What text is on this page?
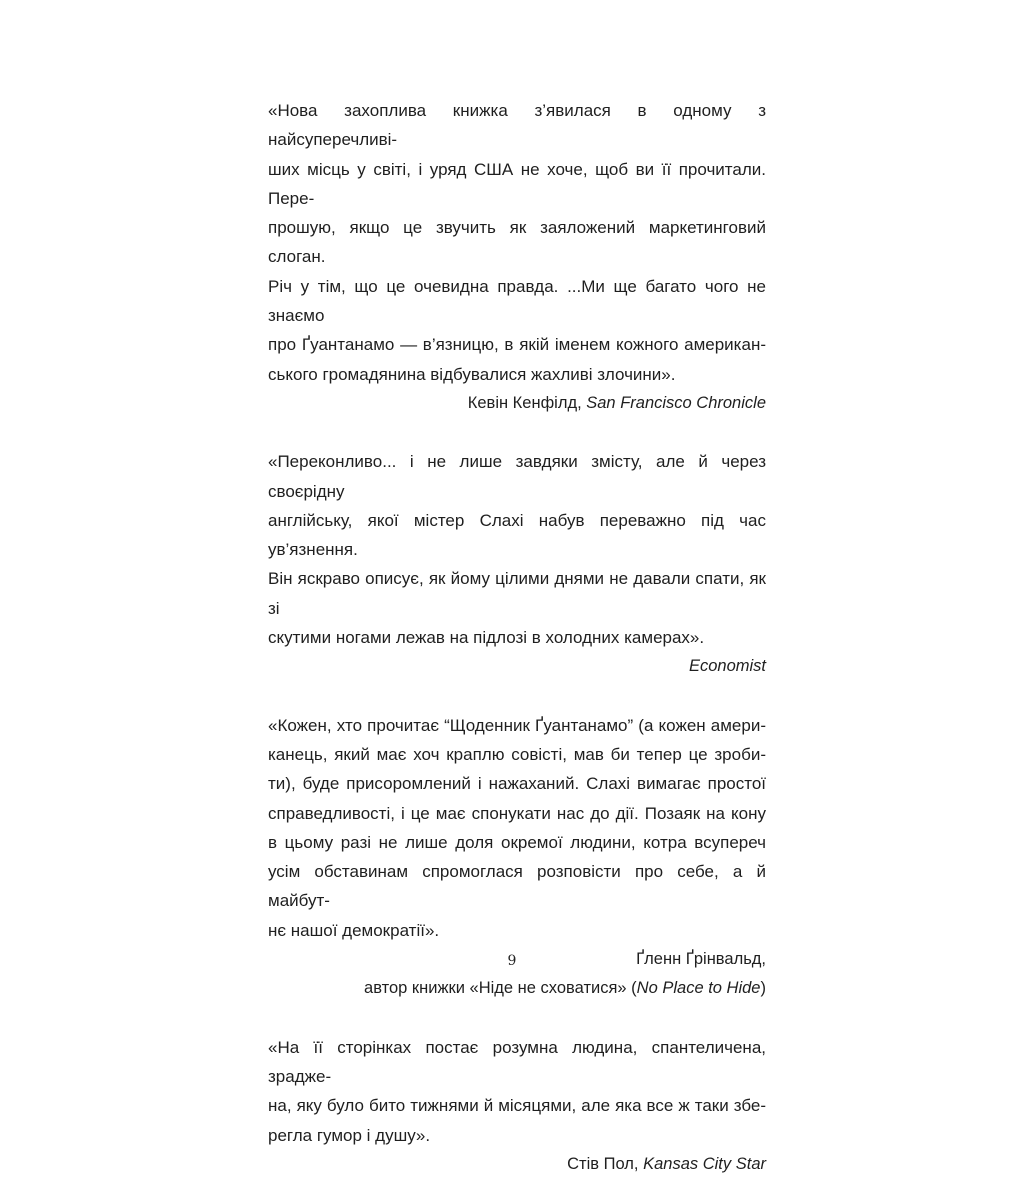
«Нова захоплива книжка з’явилася в одному з найсуперечливі-
ших місць у світі, і уряд США не хоче, щоб ви її прочитали. Пере-
прошую, якщо це звучить як заяложений маркетинговий слоган.
Річ у тім, що це очевидна правда. ...Ми ще багато чого не знаємо
про Ґуантанамо — в’язницю, в якій іменем кожного американ-
ського громадянина відбувалися жахливі злочини».
Кевін Кенфілд, San Francisco Chronicle
«Переконливо... і не лише завдяки змісту, але й через своєрідну
англійську, якої містер Слахі набув переважно під час ув’язнення.
Він яскраво описує, як йому цілими днями не давали спати, як зі
скутими ногами лежав на підлозі в холодних камерах».
Economist
«Кожен, хто прочитає “Щоденник Ґуантанамо” (а кожен амери-
канець, який має хоч краплю совісті, мав би тепер це зроби-
ти), буде присоромлений і нажаханий. Слахі вимагає простої
справедливості, і це має спонукати нас до дії. Позаяк на кону
в цьому разі не лише доля окремої людини, котра всупереч
усім обставинам спромоглася розповісти про себе, а й майбут-
нє нашої демократії».
Ґленн Ґрінвальд,
автор книжки «Ніде не сховатися» (No Place to Hide)
«На її сторінках постає розумна людина, спантеличена, зрадже-
на, яку було бито тижнями й місяцями, але яка все ж таки збе-
регла гумор і душу».
Стів Пол, Kansas City Star
9
